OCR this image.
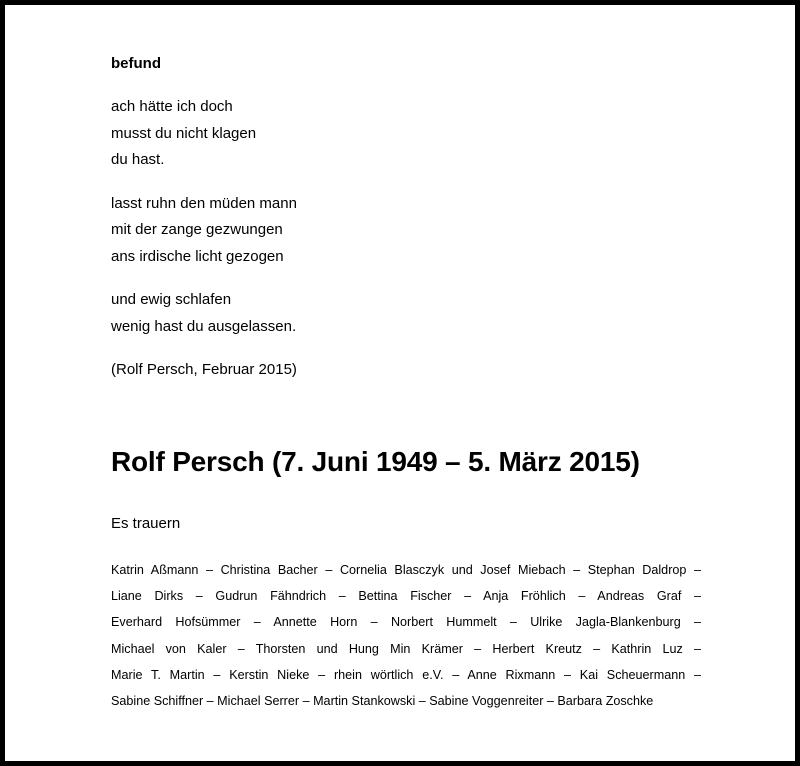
befund
ach hätte ich doch
musst du nicht klagen
du hast.
lasst ruhn den müden mann
mit der zange gezwungen
ans irdische licht gezogen
und ewig schlafen
wenig hast du ausgelassen.
(Rolf Persch, Februar 2015)
Rolf Persch (7. Juni 1949 – 5. März 2015)
Es trauern
Katrin Aßmann – Christina Bacher – Cornelia Blasczyk und Josef Miebach – Stephan Daldrop –
Liane Dirks – Gudrun Fähndrich – Bettina Fischer – Anja Fröhlich – Andreas Graf –
Everhard Hofsümmer – Annette Horn – Norbert Hummelt – Ulrike Jagla-Blankenburg –
Michael von Kaler – Thorsten und Hung Min Krämer – Herbert Kreutz – Kathrin Luz –
Marie T. Martin – Kerstin Nieke – rhein wörtlich e.V. – Anne Rixmann – Kai Scheuermann –
Sabine Schiffner – Michael Serrer – Martin Stankowski – Sabine Voggenreiter – Barbara Zoschke
